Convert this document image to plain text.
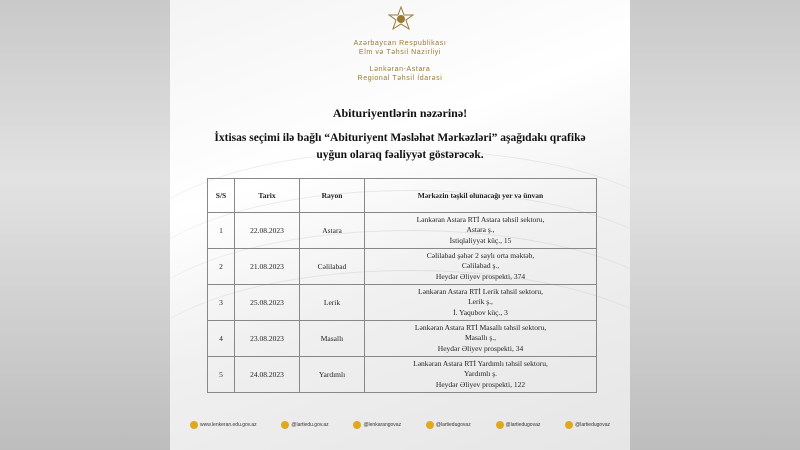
Azərbaycan Respublikası
Elm və Təhsil Nazirliyi
Lənkəran-Astara
Regional Təhsil İdarəsi
Abituriyentlərin nəzərinə!
İxtisas seçimi ilə bağlı “Abituriyent Məsləhət Mərkəzləri” aşağıdakı qrafikə uyğun olaraq fəaliyyət göstərəcək.
S/S	Tarix	Rayon	Mərkəzin təşkil olunacağı yer və ünvan
1	22.08.2023	Astara	Lənkəran Astara RTİ Astara təhsil sektoru,
Astara ş.,
İstiqlaliyyət küç., 15

2	21.08.2023	Cəlilabad	Cəlilabad şəhər 2 saylı orta məktəb,
Cəlilabad ş.,
Heydər Əliyev prospekti, 374

3	25.08.2023	Lerik	Lənkəran Astara RTİ Lerik təhsil sektoru,
Lerik ş.,
İ. Yaqubov küç., 3

4	23.08.2023	Masallı	Lənkəran Astara RTİ Masallı təhsil sektoru,
Masallı ş.,
Heydər Əliyev prospekti, 34

5	24.08.2023	Yardımlı	Lənkəran Astara RTİ Yardımlı təhsil sektoru,
Yardımlı ş.
Heydər Əliyev prospekti, 122
www.lenkeran.edu.gov.az	@lartiedu.gov.az	@lenkarangovaz	@lartiedugovaz	@lartiedugovaz	@lartiedugovaz
